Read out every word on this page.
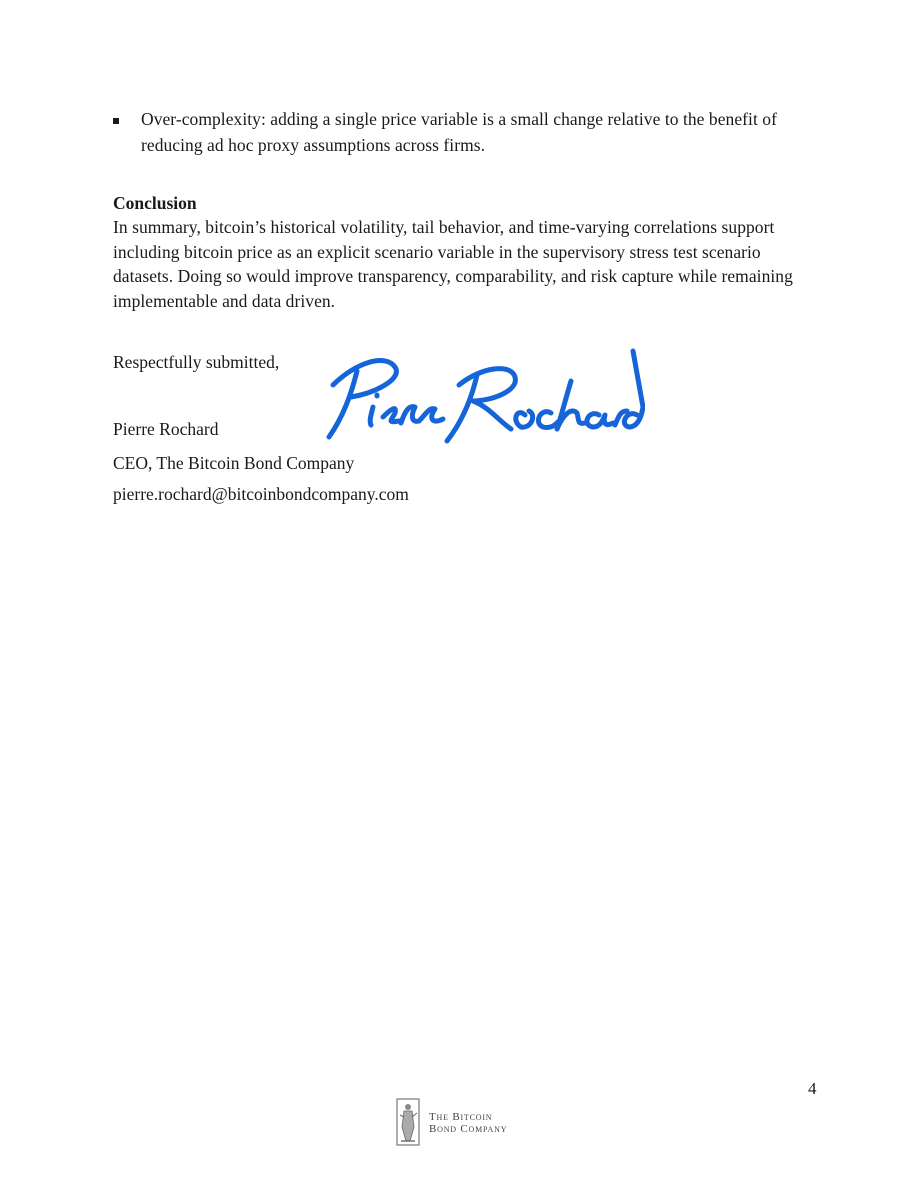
Over-complexity: adding a single price variable is a small change relative to the benefit of reducing ad hoc proxy assumptions across firms.
Conclusion
In summary, bitcoin’s historical volatility, tail behavior, and time-varying correlations support including bitcoin price as an explicit scenario variable in the supervisory stress test scenario datasets. Doing so would improve transparency, comparability, and risk capture while remaining implementable and data driven.
Respectfully submitted,
Pierre Rochard
CEO, The Bitcoin Bond Company
pierre.rochard@bitcoinbondcompany.com
4
The Bitcoin
Bond Company
